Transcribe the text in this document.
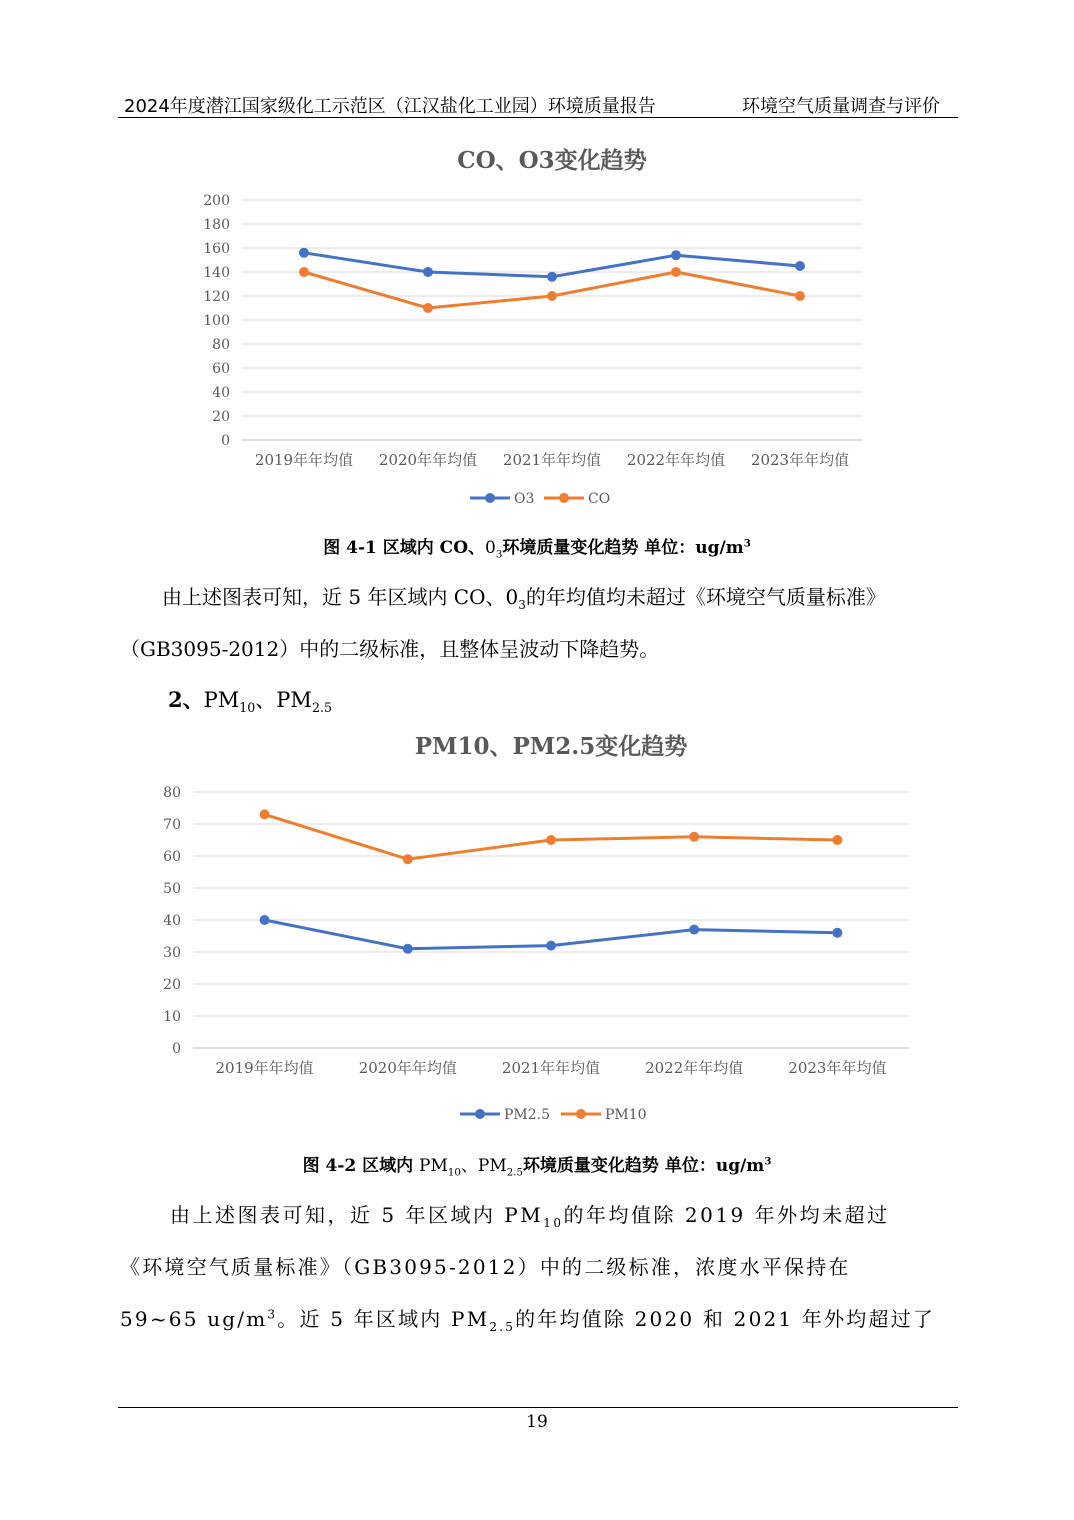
2024年度潜江国家级化工示范区（江汉盐化工业园）环境质量报告	环境空气质量调查与评价
CO、O3变化趋势
0
20
40
60
80
100
120
140
160
180
200
2019年年均值 2020年年均值 2021年年均值 2022年年均值 2023年年均值
O3	CO
图 4-1 区域内 CO、$0_3$环境质量变化趋势 单位：$ug/m^3$
由上述图表可知，近 5 年区域内 CO、$0_3$的年均值均未超过《环境空气质量标准》
（GB3095-2012）中的二级标准，且整体呈波动下降趋势。
2、$PM_{10}$、$PM_{2.5}$
PM10、PM2.5变化趋势
0
10
20
30
40
50
60
70
80
2019年年均值	2020年年均值	2021年年均值	2022年年均值	2023年年均值
PM2.5	PM10
图 4-2 区域内 $PM_{10}$、$PM_{2.5}$环境质量变化趋势 单位：$ug/m^3$
由上述图表可知，近 5 年区域内 $PM_{10}$的年均值除 2019 年外均未超过
《环境空气质量标准》（GB3095-2012）中的二级标准，浓度水平保持在
59~65 $ug/m^3$。近 5 年区域内 $PM_{2.5}$的年均值除 2020 和 2021 年外均超过了
19
